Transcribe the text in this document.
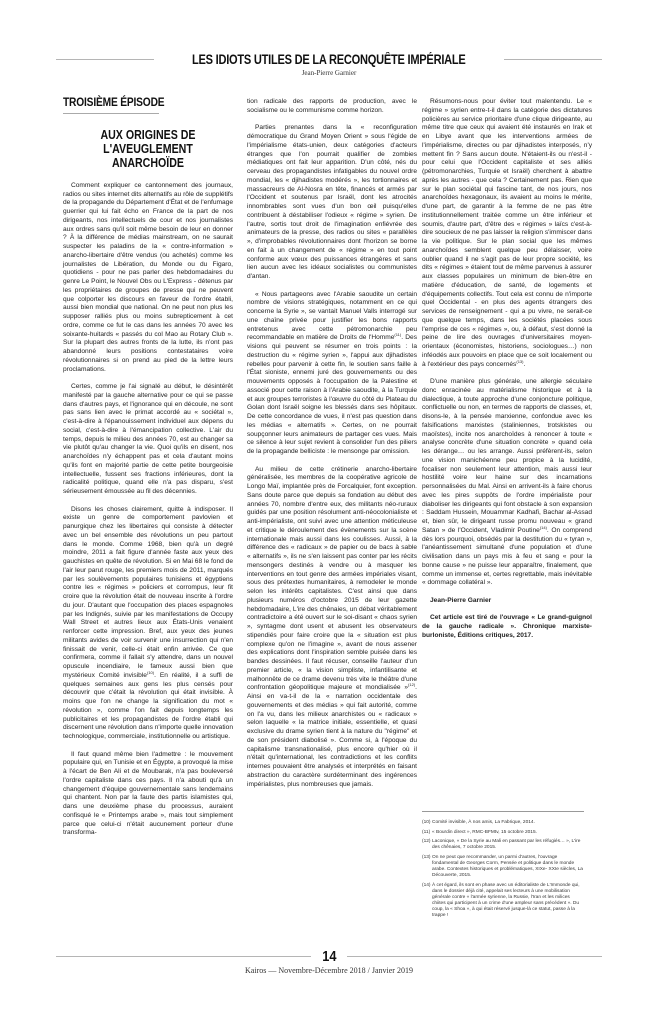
LES IDIOTS UTILES DE LA RECONQUÊTE IMPÉRIALE
Jean-Pierre Garnier
TROISIÈME ÉPISODE
AUX ORIGINES DE
L'AVEUGLEMENT ANARCHOÏDE

Comment expliquer ce cantonnement des journaux, radios ou sites internet dits alternatifs au rôle de supplétifs de la propagande du Département d'État et de l'enfumage guerrier qui lui fait écho en France de la part de nos dirigeants, nos intellectuels de cour et nos journalistes aux ordres sans qu'il soit même besoin de leur en donner ? À la différence de médias mainstream, on ne saurait suspecter les paladins de la « contre-information » anarcho-libertaire d'être vendus (ou achetés) comme les journalistes de Libération, du Monde ou du Figaro, quotidiens - pour ne pas parler des hebdomadaires du genre Le Point, le Nouvel Obs ou L'Express - détenus par les propriétaires de groupes de presse qui ne peuvent que colporter les discours en faveur de l'ordre établi, aussi bien mondial que national. On ne peut non plus les supposer ralliés plus ou moins subrepticement à cet ordre, comme ce fut le cas dans les années 70 avec les soixante-huitards « passés du col Mao au Rotary Club ». Sur la plupart des autres fronts de la lutte, ils n'ont pas abandonné leurs positions contestataires voire révolutionnaires si on prend au pied de la lettre leurs proclamations.

Certes, comme je l'ai signalé au début, le désintérêt manifesté par la gauche alternative pour ce qui se passe dans d'autres pays, et l'ignorance qui en découle, ne sont pas sans lien avec le primat accordé au « sociétal », c'est-à-dire à l'épanouissement individuel aux dépens du social, c'est-à-dire à l'émancipation collective. L'air du temps, depuis le milieu des années 70, est au changer sa vie plutôt qu'au changer la vie. Quoi qu'ils en disent, nos anarchoïdes n'y échappent pas et cela d'autant moins qu'ils font en majorité partie de cette petite bourgeoisie intellectuelle, fussent ses fractions inférieures, dont la radicalité politique, quand elle n'a pas disparu, s'est sérieusement émoussée au fil des décennies.

Disons les choses clairement, quitte à indisposer. Il existe un genre de comportement pavlovien et panurgique chez les libertaires qui consiste à détecter avec un bel ensemble des révolutions un peu partout dans le monde. Comme 1968, bien qu'à un degré moindre, 2011 a fait figure d'année faste aux yeux des gauchistes en quête de révolution. Si en Mai 68 le fond de l'air leur parut rouge, les premiers mois de 2011, marqués par les soulèvements populaires tunisiens et égyptiens contre les « régimes » policiers et corrompus, leur fit croire que la révolution était de nouveau inscrite à l'ordre du jour. D'autant que l'occupation des places espagnoles par les Indignés, suivie par les manifestations de Occupy Wall Street et autres lieux aux États-Unis venaient renforcer cette impression. Bref, aux yeux des jeunes militants avides de voir survenir une insurrection qui n'en finissait de venir, celle-ci était enfin arrivée. Ce que confirmera, comme il fallait s'y attendre, dans un nouvel opuscule incendiaire, le fameux aussi bien que mystérieux Comité invisible$^{(10)}$. En réalité, il a suffi de quelques semaines aux gens les plus censés pour découvrir que c'était la révolution qui était invisible. À moins que l'on ne change la signification du mot « révolution », comme l'on fait depuis longtemps les publicitaires et les propagandistes de l'ordre établi qui discernent une révolution dans n'importe quelle innovation technologique, commerciale, institutionnelle ou artistique.

Il faut quand même bien l'admettre : le mouvement populaire qui, en Tunisie et en Égypte, a provoqué la mise à l'écart de Ben Ali et de Moubarak, n'a pas bouleversé l'ordre capitaliste dans ces pays. Il n'a abouti qu'à un changement d'équipe gouvernementale sans lendemains qui chantent. Non par la faute des partis islamistes qui, dans une deuxième phase du processus, auraient confisqué le « Printemps arabe », mais tout simplement parce que celui-ci n'était aucunement porteur d'une transforma-

tion radicale des rapports de production, avec le socialisme ou le communisme comme horizon.

Parties prenantes dans la « reconfiguration démocratique du Grand Moyen Orient » sous l'égide de l'impérialisme états-unien, deux catégories d'acteurs étranges que l'on pourrait qualifier de zombies médiatiques ont fait leur apparition. D'un côté, nés du cerveau des propagandistes infatigables du nouvel ordre mondial, les « djihadistes modérés », les tortionnaires et massacreurs de Al-Nosra en tête, financés et armés par l'Occident et soutenus par Israël, dont les atrocités innombrables sont vues d'un bon œil puisqu'elles contribuent à déstabiliser l'odieux « régime » syrien. De l'autre, sortis tout droit de l'imagination enfiévrée des animateurs de la presse, des radios ou sites « parallèles », d'improbables révolutionnaires dont l'horizon se borne en fait à un changement de « régime » en tout point conforme aux vœux des puissances étrangères et sans lien aucun avec les idéaux socialistes ou communistes d'antan.

« Nous partageons avec l'Arabie saoudite un certain nombre de visions stratégiques, notamment en ce qui concerne la Syrie », se vantait Manuel Valls interrogé sur une chaîne privée pour justifier les bons rapports entretenus avec cette pétromonarchie peu recommandable en matière de Droits de l'Homme$^{(11)}$. Des visions qui peuvent se résumer en trois points : la destruction du « régime syrien », l'appui aux djihadistes rebelles pour parvenir à cette fin, le soutien sans faille à l'État sioniste, ennemi juré des gouvernements ou des mouvements opposés à l'occupation de la Palestine et associé pour cette raison à l'Arabie saoudite, à la Turquie et aux groupes terroristes à l'œuvre du côté du Plateau du Golan dont Israël soigne les blessés dans ses hôpitaux. De cette concordance de vues, il n'est pas question dans les médias « alternatifs ». Certes, on ne pourrait soupçonner leurs animateurs de partager ces vues. Mais ce silence à leur sujet revient à consolider l'un des piliers de la propagande belliciste : le mensonge par omission.

Au milieu de cette crétinerie anarcho-libertaire généralisée, les membres de la coopérative agricole de Longo Maï, implantée près de Forcalquier, font exception. Sans doute parce que depuis sa fondation au début des années 70, nombre d'entre eux, des militants néo-ruraux guidés par une position résolument anti-néocolonialiste et anti-impérialiste, ont suivi avec une attention méticuleuse et critique le déroulement des évènements sur la scène internationale mais aussi dans les coulisses. Aussi, à la différence des « radicaux » de papier ou de bacs à sable « alternatifs », ils ne s'en laissent pas conter par les récits mensongers destinés à vendre ou à masquer les interventions en tout genre des armées impériales visant, sous des prétextes humanitaires, à remodeler le monde selon les intérêts capitalistes. C'est ainsi que dans plusieurs numéros d'octobre 2015 de leur gazette hebdomadaire, L'ire des chênaies, un débat véritablement contradictoire a été ouvert sur le soi-disant « chaos syrien », syntagme dont usent et abusent les observateurs stipendiés pour faire croire que la « situation est plus complexe qu'on ne l'imagine », avant de nous assener des explications dont l'inspiration semble puisée dans les bandes dessinées. Il faut récuser, conseille l'auteur d'un premier article, « la vision simpliste, infantilisante et malhonnête de ce drame devenu très vite le théâtre d'une confrontation géopolitique majeure et mondialisée »$^{(12)}$. Ainsi en va-t-il de la « narration occidentale des gouvernements et des médias » qui fait autorité, comme on l'a vu, dans les milieux anarchistes ou « radicaux » selon laquelle « la matrice initiale, essentielle, et quasi exclusive du drame syrien tient à la nature du "régime" et de son président diabolisé ». Comme si, à l'époque du capitalisme transnationalisé, plus encore qu'hier où il n'était qu'international, les contradictions et les conflits internes pouvaient être analysés et interprétés en faisant abstraction du caractère surdéterminant des ingérences impérialistes, plus nombreuses que jamais.

Résumons-nous pour éviter tout malentendu. Le « régime » syrien entre-t-il dans la catégorie des dictatures policières au service prioritaire d'une clique dirigeante, au même titre que ceux qui avaient été instaurés en Irak et en Libye avant que les interventions armées de l'impérialisme, directes ou par djihadistes interposés, n'y mettent fin ? Sans aucun doute. N'étaient-ils ou n'est-il - pour celui que l'Occident capitaliste et ses alliés (pétromonarchies, Turquie et Israël) cherchent à abattre après les autres - que cela ? Certainement pas. Rien que sur le plan sociétal qui fascine tant, de nos jours, nos anarchoïdes hexagonaux, ils avaient au moins le mérite, d'une part, de garantir à la femme de ne pas être institutionnellement traitée comme un être inférieur et soumis, d'autre part, d'être des « régimes » laïcs c'est-à-dire soucieux de ne pas laisser la religion s'immiscer dans la vie politique. Sur le plan social que les mêmes anarchoïdes semblent quelque peu délaisser, voire oublier quand il ne s'agit pas de leur propre société, les dits « régimes » étaient tout de même parvenus à assurer aux classes populaires un minimum de bien-être en matière d'éducation, de santé, de logements et d'équipements collectifs. Tout cela est connu de n'importe quel Occidental - en plus des agents étrangers des services de renseignement - qui a pu vivre, ne serait-ce que quelque temps, dans les sociétés placées sous l'emprise de ces « régimes », ou, à défaut, s'est donné la peine de lire des ouvrages d'universitaires moyen-orientaux (économistes, historiens, sociologues…) non inféodés aux pouvoirs en place que ce soit localement ou à l'extérieur des pays concernés$^{(13)}$.

D'une manière plus générale, une allergie séculaire donc enracinée au matérialisme historique et à la dialectique, à toute approche d'une conjoncture politique, conflictuelle ou non, en termes de rapports de classes, et, disons-le, à la pensée marxienne, confondue avec les falsifications marxistes (staliniennes, trotskistes ou maoïstes), incite nos anarchoïdes à renoncer à toute « analyse concrète d'une situation concrète » quand cela les dérange… ou les arrange. Aussi préfèrent-ils, selon une vision manichéenne peu propice à la lucidité, focaliser non seulement leur attention, mais aussi leur hostilité voire leur haine sur des incarnations personnalisées du Mal. Ainsi en arrivent-ils à faire chorus avec les pires suppôts de l'ordre impérialiste pour diaboliser les dirigeants qui font obstacle à son expansion : Saddam Hussein, Mouammar Kadhafi, Bachar al-Assad et, bien sûr, le dirigeant russe promu nouveau « grand Satan » de l'Occident, Vladimir Poutine$^{(14)}$. On comprend dès lors pourquoi, obsédés par la destitution du « tyran », l'anéantissement simultané d'une population et d'une civilisation dans un pays mis à feu et sang « pour la bonne cause » ne puisse leur apparaître, finalement, que comme un immense et, certes regrettable, mais inévitable « dommage collatéral ».

Jean-Pierre Garnier

Cet article est tiré de l'ouvrage « Le grand-guignol de la gauche radicale ». Chronique marxiste-burloniste, Éditions critiques, 2017.

(10) Comité invisible, À nos amis, La Fabrique, 2014.
(11) « Bourdin direct », RMC-BFMtv, 15 octobre 2015.
(12) Laconique, « De la Syrie au Mali en passant par les réfugiés… », L'ire des chênaies, 7 octobre 2015.
(13) On ne peut que recommander, un parmi d'autres, l'ouvrage fondamental de Georges Corm, Pensée et politique dans le monde arabe. Contextes historiques et problématiques, XIXe- XXIe siècles, La Découverte, 2015.
(14) À cet égard, ils sont en phase avec un éditorialiste de L'Immonde qui, dans le dossier déjà cité, appelait ses lecteurs à une mobilisation générale contre « l'armée syrienne, la Russie, l'Iran et les milices chiites qui participent à un crime d'une ampleur sans précédent ». Du coup, la « Shoa », à qui était réservé jusque-là ce statut, passe à la trappe !
14
Kairos — Novembre-Décembre 2018 / Janvier 2019
